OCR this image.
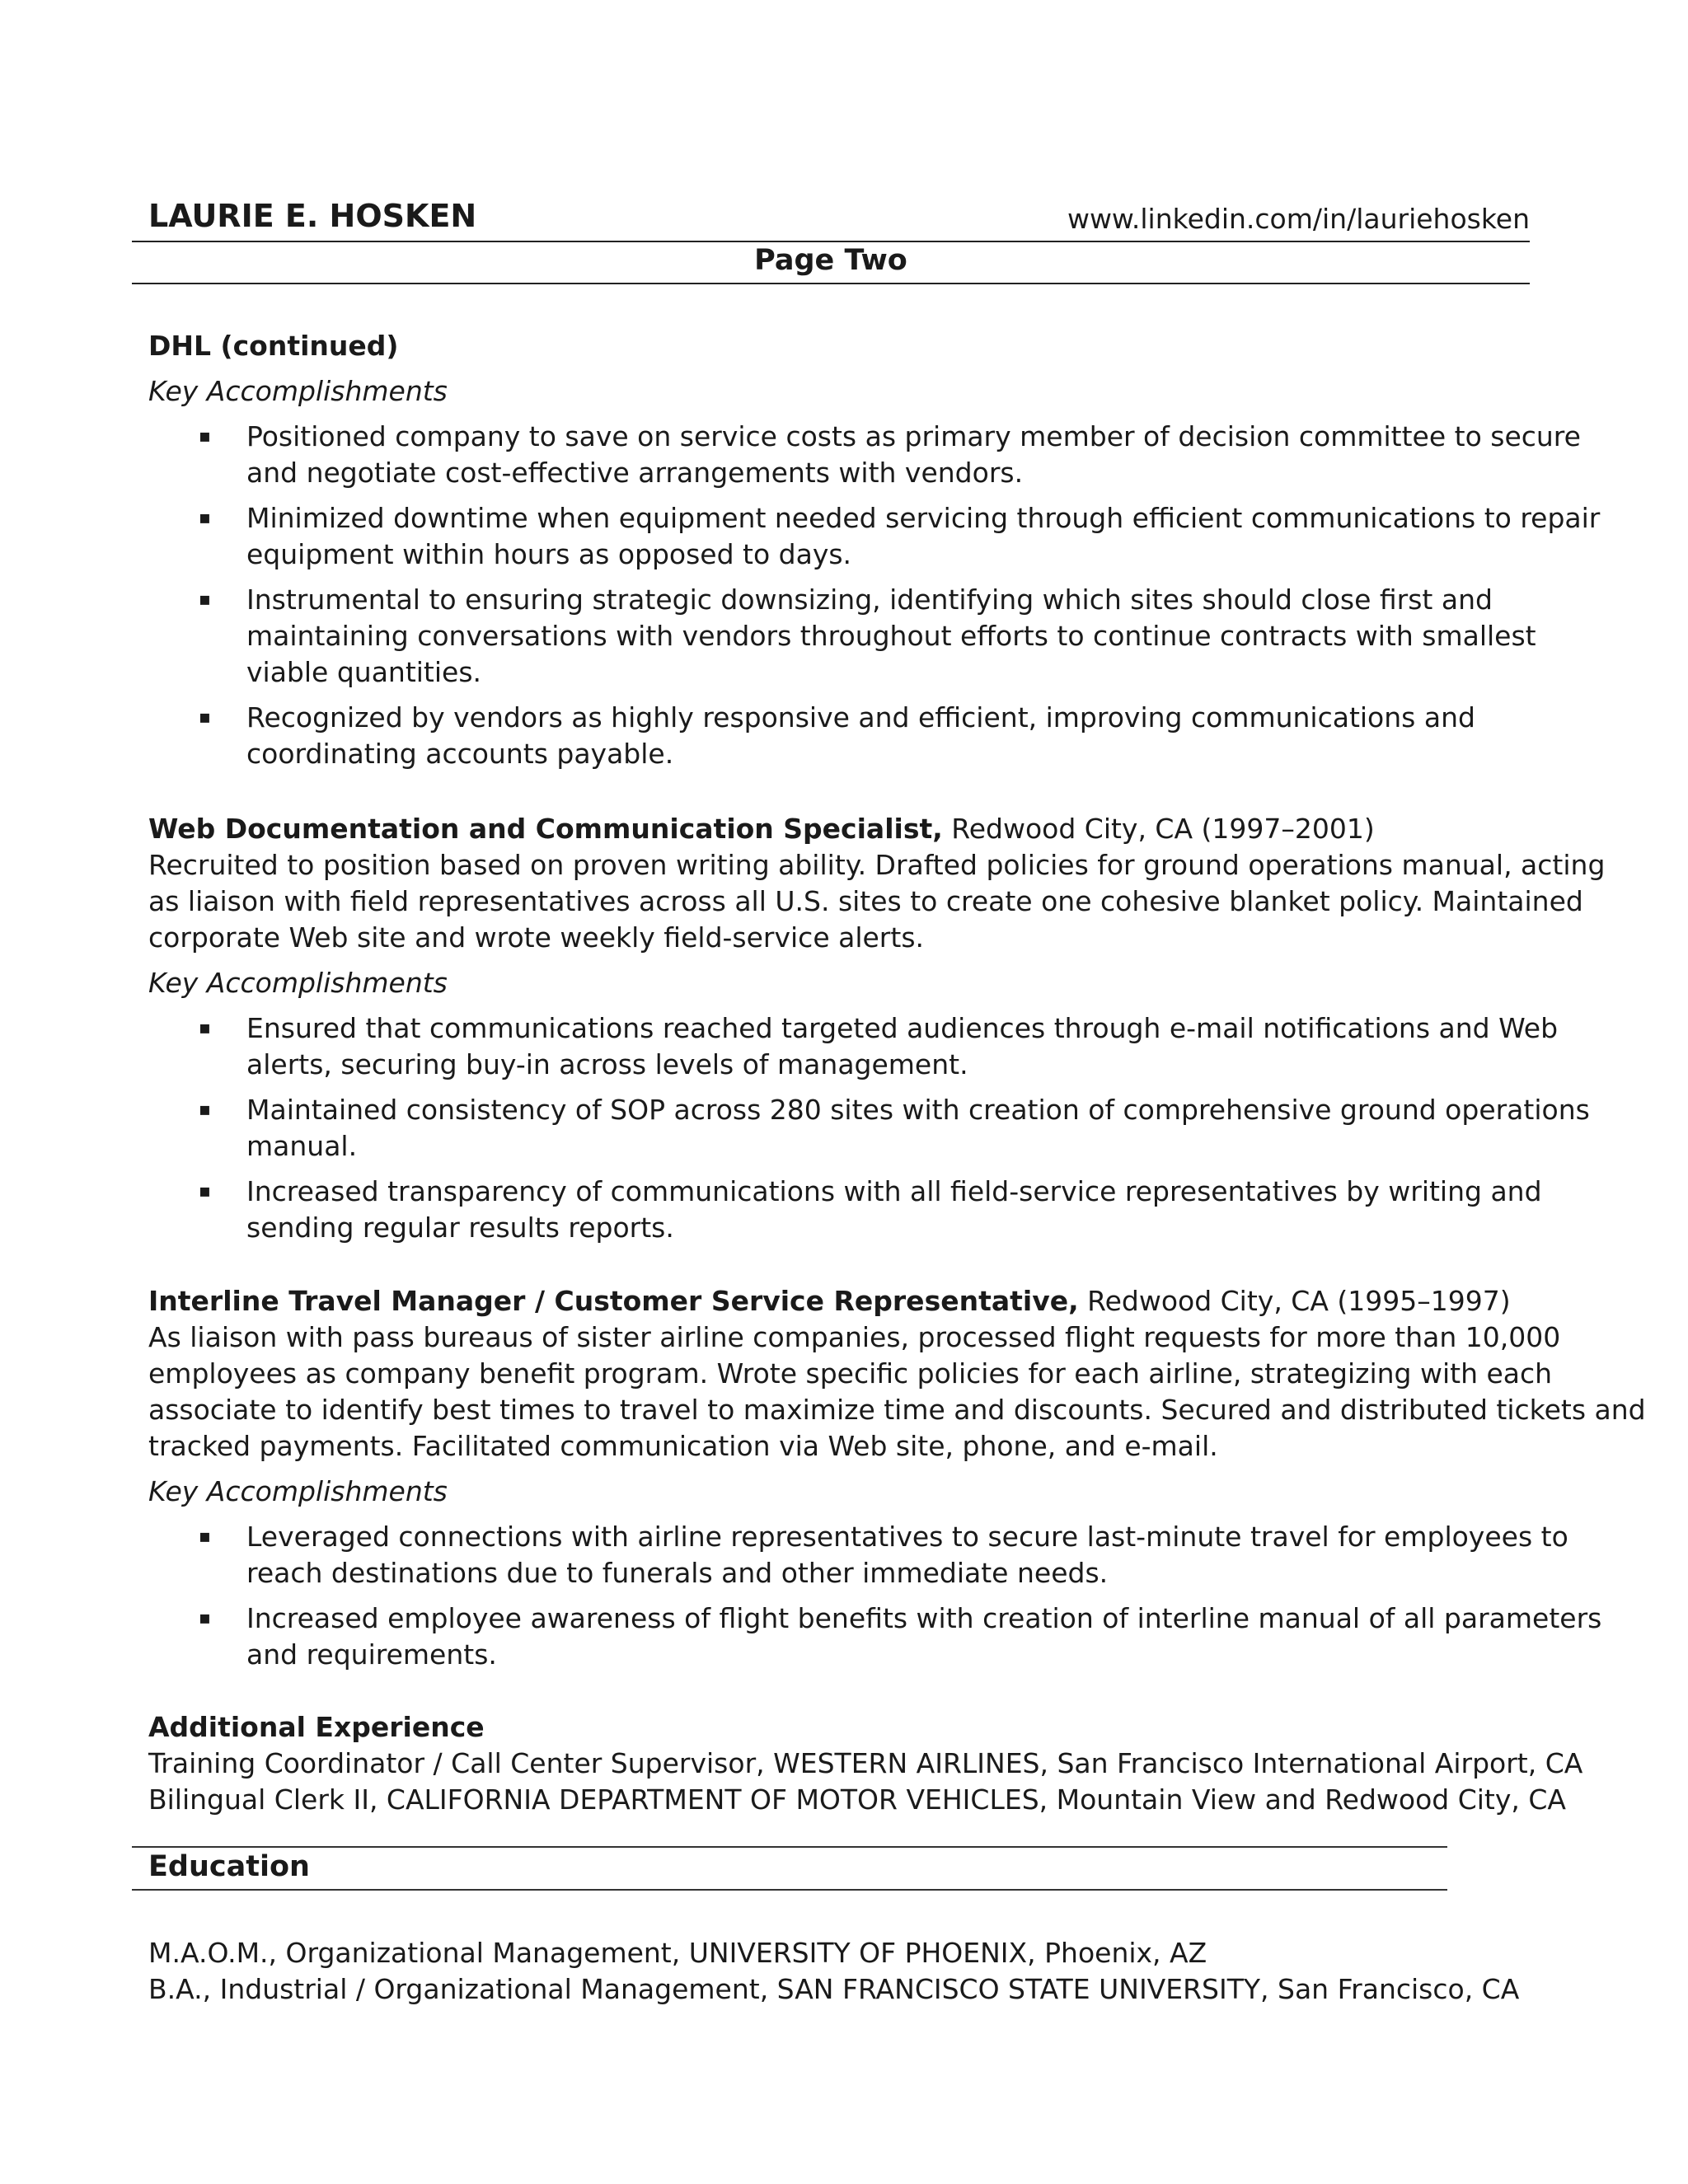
LAURIE E. HOSKEN	www.linkedin.com/in/lauriehosken
Page Two
DHL (continued)
Key Accomplishments
▪ Positioned company to save on service costs as primary member of decision committee to secure
and negotiate cost-effective arrangements with vendors.
▪ Minimized downtime when equipment needed servicing through efficient communications to repair
equipment within hours as opposed to days.
▪ Instrumental to ensuring strategic downsizing, identifying which sites should close first and
maintaining conversations with vendors throughout efforts to continue contracts with smallest
viable quantities.
▪ Recognized by vendors as highly responsive and efficient, improving communications and
coordinating accounts payable.
Web Documentation and Communication Specialist, Redwood City, CA (1997–2001)
Recruited to position based on proven writing ability. Drafted policies for ground operations manual, acting
as liaison with field representatives across all U.S. sites to create one cohesive blanket policy. Maintained
corporate Web site and wrote weekly field-service alerts.
Key Accomplishments
▪ Ensured that communications reached targeted audiences through e-mail notifications and Web
alerts, securing buy-in across levels of management.
▪ Maintained consistency of SOP across 280 sites with creation of comprehensive ground operations
manual.
▪ Increased transparency of communications with all field-service representatives by writing and
sending regular results reports.
Interline Travel Manager / Customer Service Representative, Redwood City, CA (1995–1997)
As liaison with pass bureaus of sister airline companies, processed flight requests for more than 10,000
employees as company benefit program. Wrote specific policies for each airline, strategizing with each
associate to identify best times to travel to maximize time and discounts. Secured and distributed tickets and
tracked payments. Facilitated communication via Web site, phone, and e-mail.
Key Accomplishments
▪ Leveraged connections with airline representatives to secure last-minute travel for employees to
reach destinations due to funerals and other immediate needs.
▪ Increased employee awareness of flight benefits with creation of interline manual of all parameters
and requirements.
Additional Experience
Training Coordinator / Call Center Supervisor, WESTERN AIRLINES, San Francisco International Airport, CA
Bilingual Clerk II, CALIFORNIA DEPARTMENT OF MOTOR VEHICLES, Mountain View and Redwood City, CA
Education
M.A.O.M., Organizational Management, UNIVERSITY OF PHOENIX, Phoenix, AZ
B.A., Industrial / Organizational Management, SAN FRANCISCO STATE UNIVERSITY, San Francisco, CA
